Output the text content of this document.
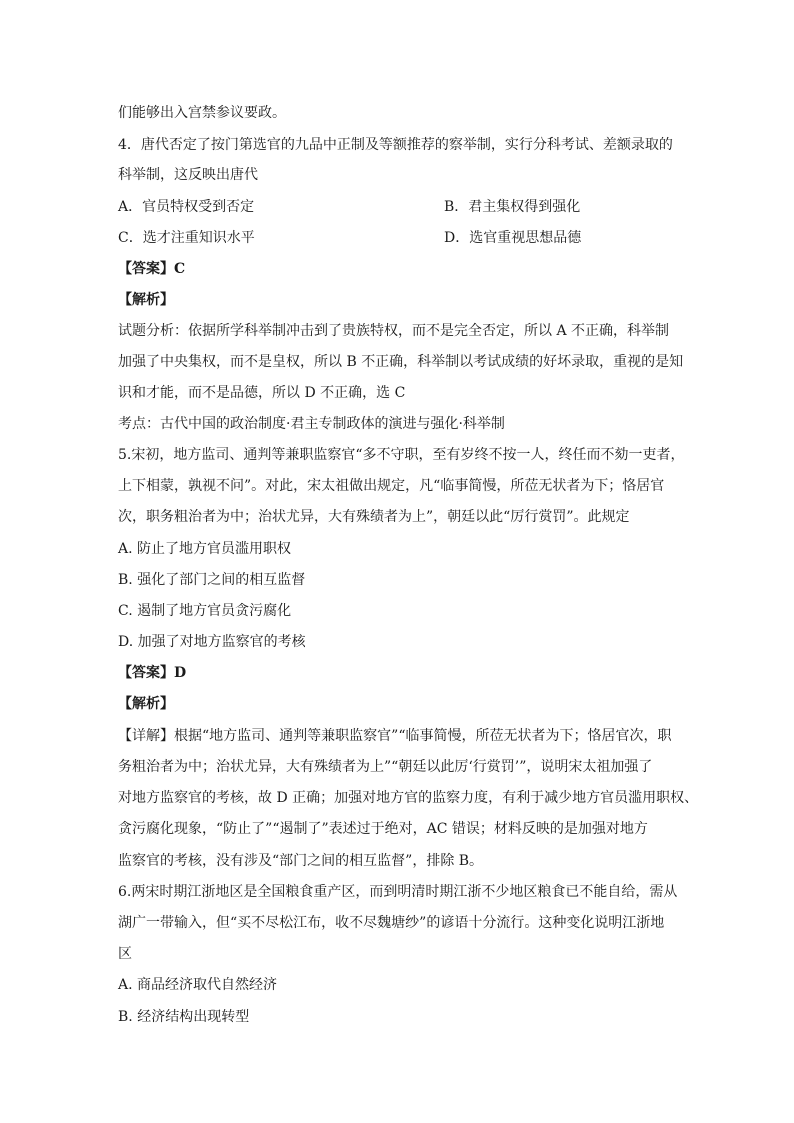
们能够出入宫禁参议要政。
4．唐代否定了按门第选官的九品中正制及等额推荐的察举制，实行分科考试、差额录取的
科举制，这反映出唐代
A．官员特权受到否定	B．君主集权得到强化
C．选才注重知识水平	D．选官重视思想品德
【答案】C
【解析】
试题分析：依据所学科举制冲击到了贵族特权，而不是完全否定，所以 A 不正确，科举制
加强了中央集权，而不是皇权，所以 B 不正确，科举制以考试成绩的好坏录取，重视的是知
识和才能，而不是品德，所以 D 不正确，选 C
考点：古代中国的政治制度·君主专制政体的演进与强化·科举制
5.宋初，地方监司、通判等兼职监察官“多不守职，至有岁终不按一人，终任而不劾一吏者，
上下相蒙，孰视不问”。对此，宋太祖做出规定，凡“临事简慢，所莅无状者为下；恪居官
次，职务粗治者为中；治状尤异，大有殊绩者为上”，朝廷以此“厉行赏罚”。此规定
A. 防止了地方官员滥用职权
B. 强化了部门之间的相互监督
C. 遏制了地方官员贪污腐化
D. 加强了对地方监察官的考核
【答案】D
【解析】
【详解】根据“地方监司、通判等兼职监察官”“临事简慢，所莅无状者为下；恪居官次，职
务粗治者为中；治状尤异，大有殊绩者为上”“朝廷以此厉‘行赏罚’”，说明宋太祖加强了
对地方监察官的考核，故 D 正确；加强对地方官的监察力度，有利于减少地方官员滥用职权、
贪污腐化现象，“防止了”“遏制了”表述过于绝对，AC 错误；材料反映的是加强对地方
监察官的考核，没有涉及“部门之间的相互监督”，排除 B。
6.两宋时期江浙地区是全国粮食重产区，而到明清时期江浙不少地区粮食已不能自给，需从
湖广一带输入，但“买不尽松江布，收不尽魏塘纱”的谚语十分流行。这种变化说明江浙地
区
A. 商品经济取代自然经济
B. 经济结构出现转型
